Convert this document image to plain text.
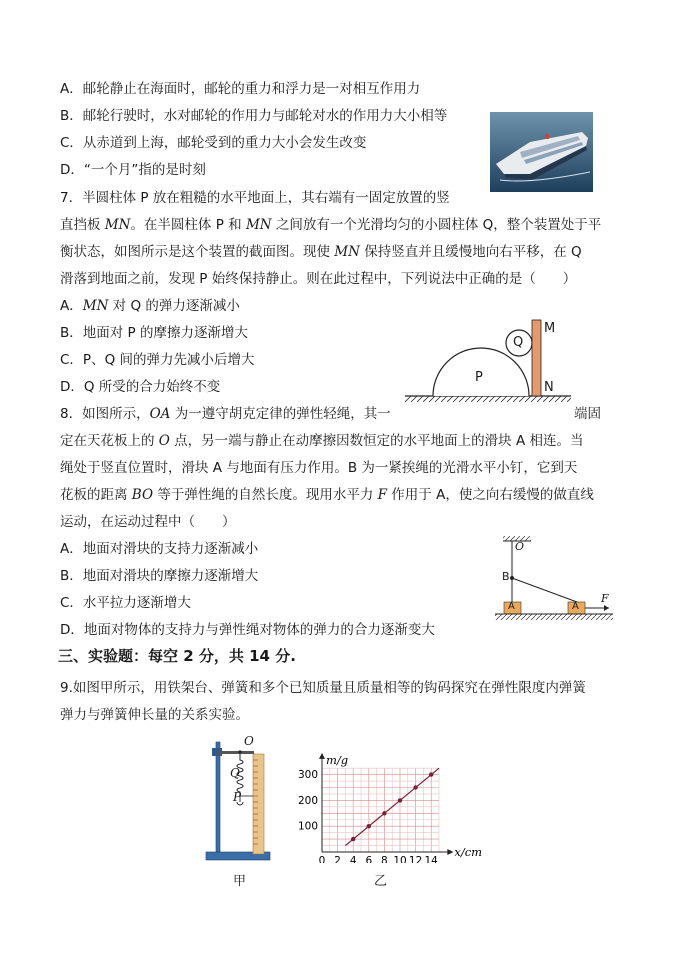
A．邮轮静止在海面时，邮轮的重力和浮力是一对相互作用力
B．邮轮行驶时，水对邮轮的作用力与邮轮对水的作用力大小相等
C．从赤道到上海，邮轮受到的重力大小会发生改变
D．“一个月”指的是时刻
7．半圆柱体 P 放在粗糙的水平地面上，其右端有一固定放置的竖
直挡板 MN。在半圆柱体 P 和 MN 之间放有一个光滑均匀的小圆柱体 Q，整个装置处于平
衡状态，如图所示是这个装置的截面图。现使 MN 保持竖直并且缓慢地向右平移，在 Q
滑落到地面之前，发现 P 始终保持静止。则在此过程中，下列说法中正确的是（　　）
A．MN 对 Q 的弹力逐渐减小
B．地面对 P 的摩擦力逐渐增大
C．P、Q 间的弹力先减小后增大
D．Q 所受的合力始终不变
P
Q
M
N
8．如图所示，OA 为一遵守胡克定律的弹性轻绳，其一	端固
定在天花板上的 O 点，另一端与静止在动摩擦因数恒定的水平地面上的滑块 A 相连。当
绳处于竖直位置时，滑块 A 与地面有压力作用。B 为一紧挨绳的光滑水平小钉，它到天
花板的距离 BO 等于弹性绳的自然长度。现用水平力 F 作用于 A，使之向右缓慢的做直线
运动，在运动过程中（　　）
A．地面对滑块的支持力逐渐减小
B．地面对滑块的摩擦力逐渐增大
C．水平拉力逐渐增大
D．地面对物体的支持力与弹性绳对物体的弹力的合力逐渐变大
O
B
A	A
F
三、实验题：每空 2 分，共 14 分.
9.如图甲所示，用铁架台、弹簧和多个已知质量且质量相等的钩码探究在弹性限度内弹簧
弹力与弹簧伸长量的关系实验。
O
Q
P
甲
0 2 4 6 8 10 12 14
100
200
300
x/cm
m/g
乙
